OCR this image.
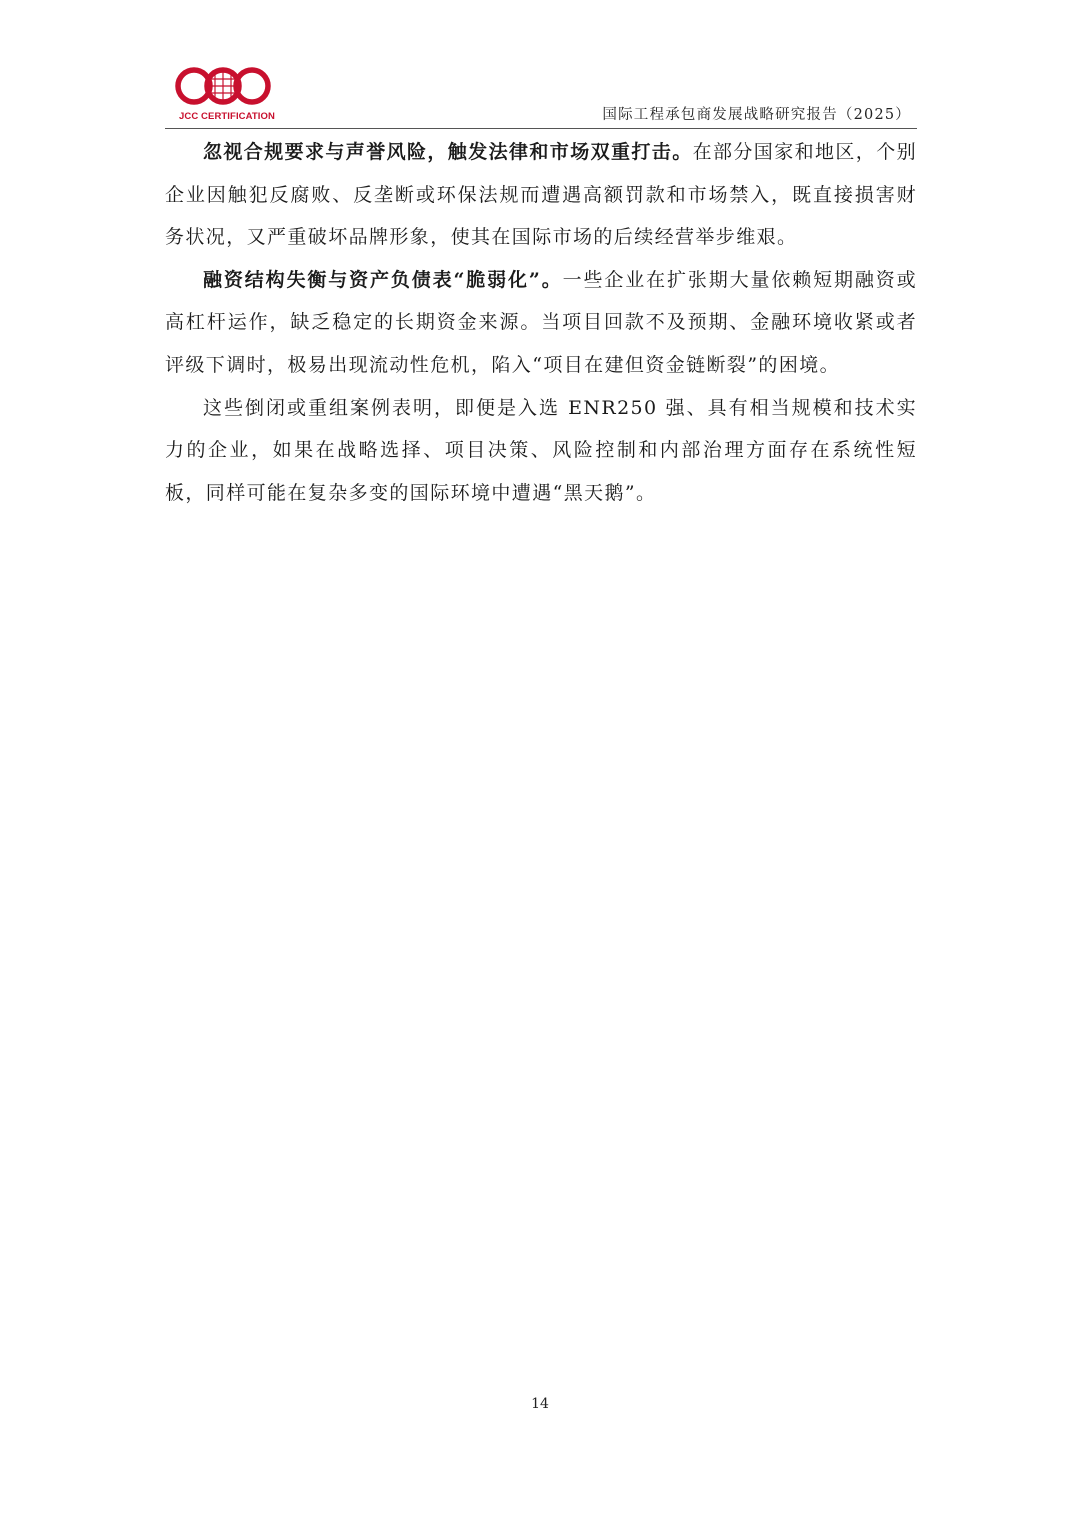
JCC CERTIFICATION	国际工程承包商发展战略研究报告（2025）

忽视合规要求与声誉风险，触发法律和市场双重打击。在部分国家和地区，个别企业因触犯反腐败、反垄断或环保法规而遭遇高额罚款和市场禁入，既直接损害财务状况，又严重破坏品牌形象，使其在国际市场的后续经营举步维艰。

融资结构失衡与资产负债表“脆弱化”。一些企业在扩张期大量依赖短期融资或高杠杆运作，缺乏稳定的长期资金来源。当项目回款不及预期、金融环境收紧或者评级下调时，极易出现流动性危机，陷入“项目在建但资金链断裂”的困境。

这些倒闭或重组案例表明，即便是入选 ENR250 强、具有相当规模和技术实力的企业，如果在战略选择、项目决策、风险控制和内部治理方面存在系统性短板，同样可能在复杂多变的国际环境中遭遇“黑天鹅”。

14
